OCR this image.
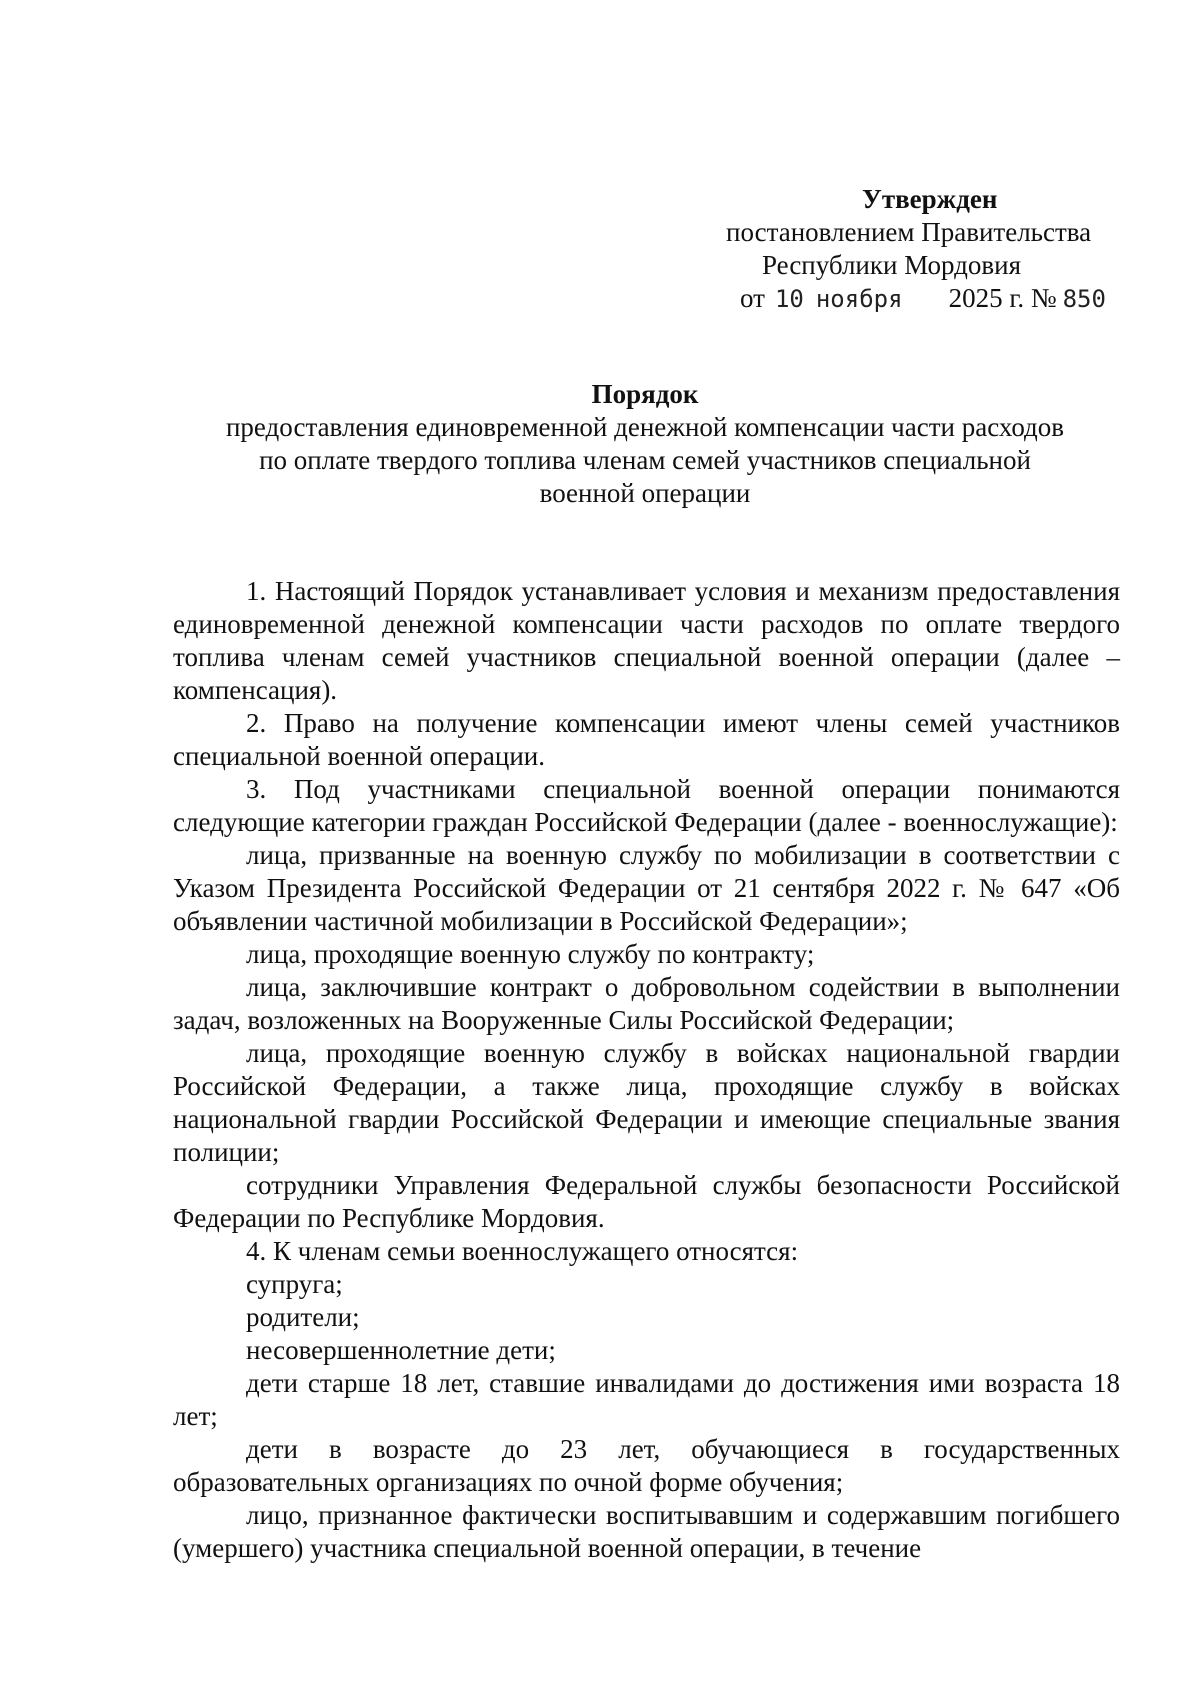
Утвержден
постановлением Правительства
Республики Мордовия
от 10 ноября 2025 г. № 850
Порядок
предоставления единовременной денежной компенсации части расходов по оплате твердого топлива членам семей участников специальной военной операции

1. Настоящий Порядок устанавливает условия и механизм предоставления единовременной денежной компенсации части расходов по оплате твердого топлива членам семей участников специальной военной операции (далее – компенсация).

2. Право на получение компенсации имеют члены семей участников специальной военной операции.

3. Под участниками специальной военной операции понимаются следующие категории граждан Российской Федерации (далее - военнослужащие):

лица, призванные на военную службу по мобилизации в соответствии с Указом Президента Российской Федерации от 21 сентября 2022 г. № 647 «Об объявлении частичной мобилизации в Российской Федерации»;

лица, проходящие военную службу по контракту;

лица, заключившие контракт о добровольном содействии в выполнении задач, возложенных на Вооруженные Силы Российской Федерации;

лица, проходящие военную службу в войсках национальной гвардии Российской Федерации, а также лица, проходящие службу в войсках национальной гвардии Российской Федерации и имеющие специальные звания полиции;

сотрудники Управления Федеральной службы безопасности Российской Федерации по Республике Мордовия.

4. К членам семьи военнослужащего относятся:

супруга;

родители;

несовершеннолетние дети;

дети старше 18 лет, ставшие инвалидами до достижения ими возраста 18 лет;

дети в возрасте до 23 лет, обучающиеся в государственных образовательных организациях по очной форме обучения;

лицо, признанное фактически воспитывавшим и содержавшим погибшего (умершего) участника специальной военной операции, в течение
